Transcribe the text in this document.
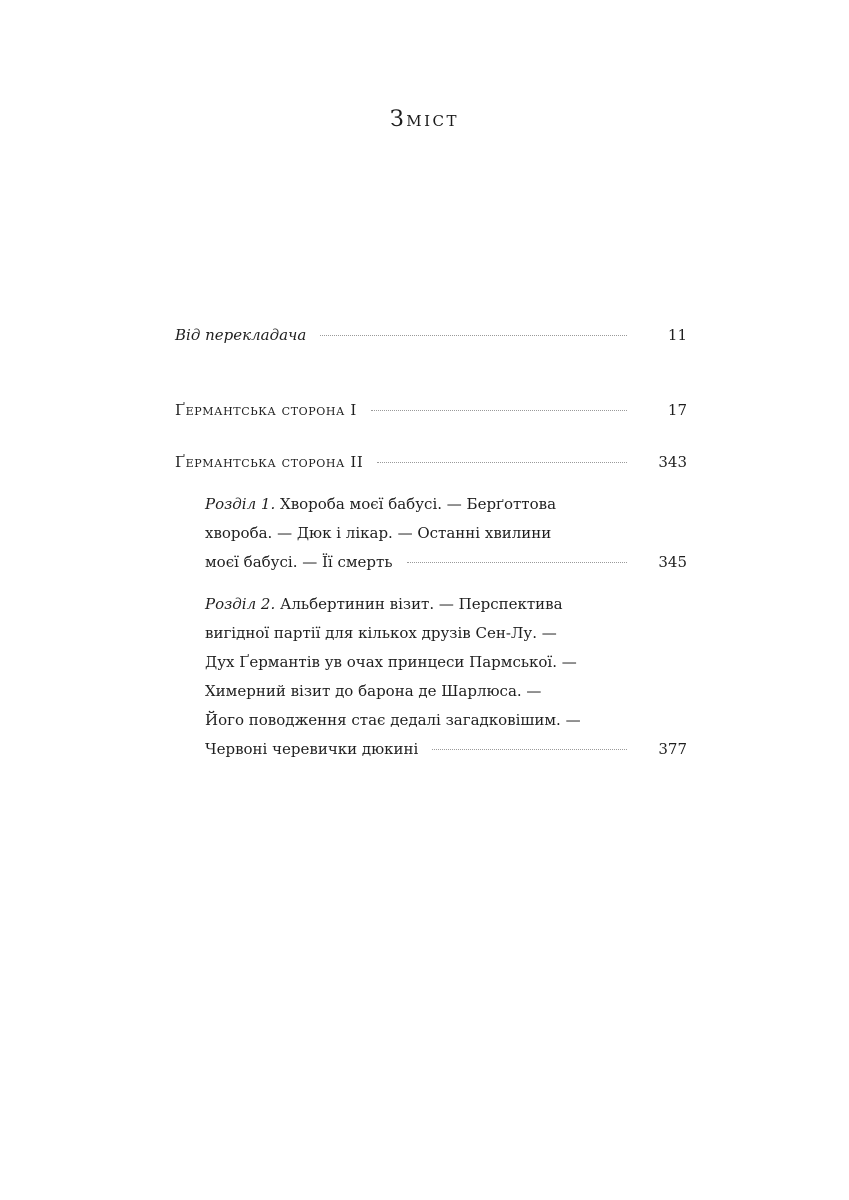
Зміст
Від перекладача	11
Ґермантська сторона I	17
Ґермантська сторона II	343
Розділ 1. Хвороба моєї бабусі. — Берґоттова
хвороба. — Дюк і лікар. — Останні хвилини
моєї бабусі. — Її смерть	345
Розділ 2. Альбертинин візит. — Перспектива
вигідної партії для кількох друзів Сен-Лу. —
Дух Ґермантів ув очах принцеси Пармської. —
Химерний візит до барона де Шарлюса. —
Його поводження стає дедалі загадковішим. —
Червоні черевички дюкині	377
